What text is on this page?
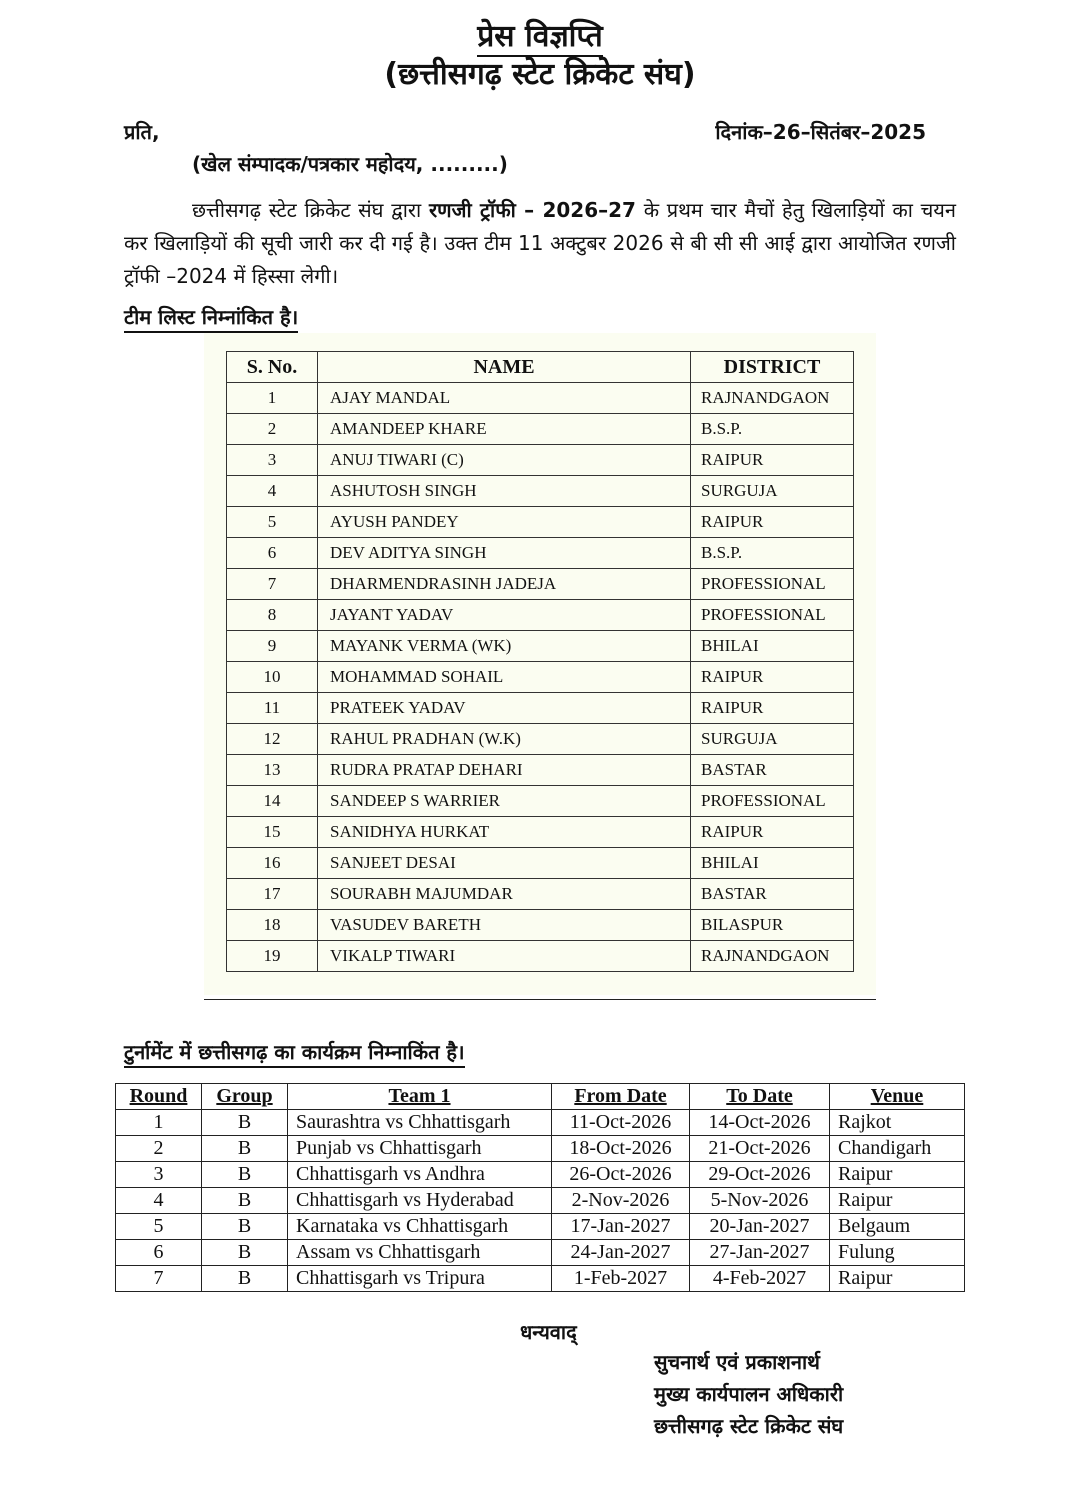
प्रेस विज्ञप्ति
(छत्तीसगढ़ स्टेट क्रिकेट संघ)
प्रति,	दिनांक–26–सितंबर–2025
(खेल संम्पादक/पत्रकार महोदय, .........)
छत्तीसगढ़ स्टेट क्रिकेट संघ द्वारा रणजी ट्रॉफी – 2026–27 के प्रथम चार मैचों हेतु खिलाड़ियों का चयन कर खिलाड़ियों की सूची जारी कर दी गई है। उक्त टीम 11 अक्टुबर 2026 से बी सी सी आई द्वारा आयोजित रणजी ट्रॉफी –2024 में हिस्सा लेगी।
टीम लिस्ट निम्नांकित है।
S. No.	NAME	DISTRICT
1	AJAY MANDAL	RAJNANDGAON
2	AMANDEEP KHARE	B.S.P.
3	ANUJ TIWARI (C)	RAIPUR
4	ASHUTOSH SINGH	SURGUJA
5	AYUSH PANDEY	RAIPUR
6	DEV ADITYA SINGH	B.S.P.
7	DHARMENDRASINH JADEJA	PROFESSIONAL
8	JAYANT YADAV	PROFESSIONAL
9	MAYANK VERMA (WK)	BHILAI
10	MOHAMMAD SOHAIL	RAIPUR
11	PRATEEK YADAV	RAIPUR
12	RAHUL PRADHAN (W.K)	SURGUJA
13	RUDRA PRATAP DEHARI	BASTAR
14	SANDEEP S WARRIER	PROFESSIONAL
15	SANIDHYA HURKAT	RAIPUR
16	SANJEET DESAI	BHILAI
17	SOURABH MAJUMDAR	BASTAR
18	VASUDEV BARETH	BILASPUR
19	VIKALP TIWARI	RAJNANDGAON
टुर्नामेंट में छत्तीसगढ़ का कार्यक्रम निम्नाकिंत है।
Round	Group	Team 1	From Date	To Date	Venue
1	B	Saurashtra vs Chhattisgarh	11-Oct-2026	14-Oct-2026	Rajkot
2	B	Punjab vs Chhattisgarh	18-Oct-2026	21-Oct-2026	Chandigarh
3	B	Chhattisgarh vs Andhra	26-Oct-2026	29-Oct-2026	Raipur
4	B	Chhattisgarh vs Hyderabad	2-Nov-2026	5-Nov-2026	Raipur
5	B	Karnataka vs Chhattisgarh	17-Jan-2027	20-Jan-2027	Belgaum
6	B	Assam vs Chhattisgarh	24-Jan-2027	27-Jan-2027	Fulung
7	B	Chhattisgarh vs Tripura	1-Feb-2027	4-Feb-2027	Raipur
धन्यवाद्
सुचनार्थ एवं प्रकाशनार्थ
मुख्य कार्यपालन अधिकारी
छत्तीसगढ़ स्टेट क्रिकेट संघ
